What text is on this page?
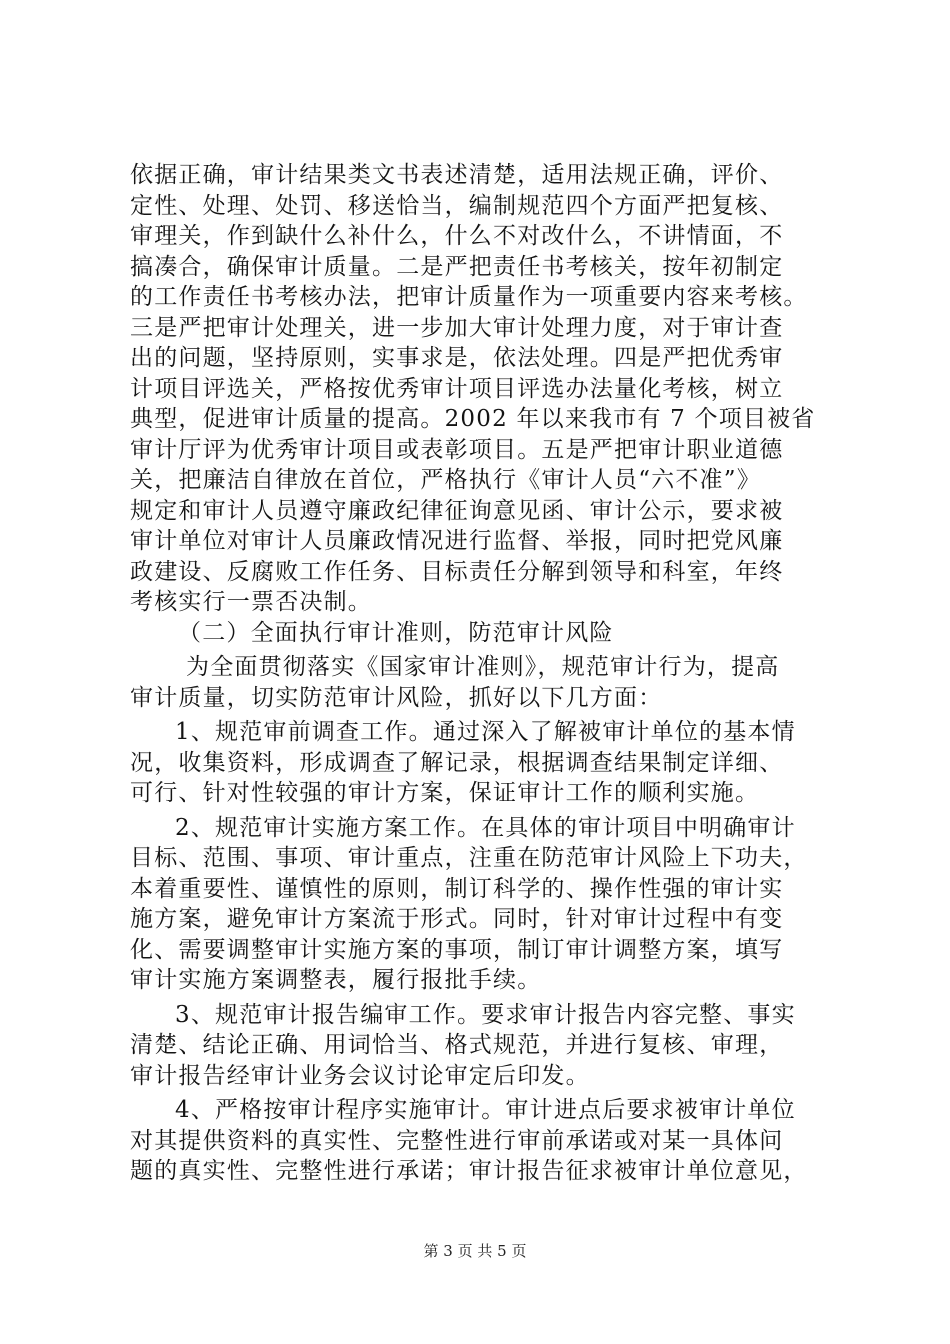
依据正确，审计结果类文书表述清楚，适用法规正确，评价、
定性、处理、处罚、移送恰当，编制规范四个方面严把复核、
审理关，作到缺什么补什么，什么不对改什么，不讲情面，不
搞凑合，确保审计质量。二是严把责任书考核关，按年初制定
的工作责任书考核办法，把审计质量作为一项重要内容来考核。
三是严把审计处理关，进一步加大审计处理力度，对于审计查
出的问题，坚持原则，实事求是，依法处理。四是严把优秀审
计项目评选关，严格按优秀审计项目评选办法量化考核，树立
典型，促进审计质量的提高。2002 年以来我市有 7 个项目被省
审计厅评为优秀审计项目或表彰项目。五是严把审计职业道德
关，把廉洁自律放在首位，严格执行《审计人员“六不准”》
规定和审计人员遵守廉政纪律征询意见函、审计公示，要求被
审计单位对审计人员廉政情况进行监督、举报，同时把党风廉
政建设、反腐败工作任务、目标责任分解到领导和科室，年终
考核实行一票否决制。
（二）全面执行审计准则，防范审计风险
为全面贯彻落实《国家审计准则》，规范审计行为，提高
审计质量，切实防范审计风险，抓好以下几方面：
1、规范审前调查工作。通过深入了解被审计单位的基本情
况，收集资料，形成调查了解记录，根据调查结果制定详细、
可行、针对性较强的审计方案，保证审计工作的顺利实施。
2、规范审计实施方案工作。在具体的审计项目中明确审计
目标、范围、事项、审计重点，注重在防范审计风险上下功夫，
本着重要性、谨慎性的原则，制订科学的、操作性强的审计实
施方案，避免审计方案流于形式。同时，针对审计过程中有变
化、需要调整审计实施方案的事项，制订审计调整方案，填写
审计实施方案调整表，履行报批手续。
3、规范审计报告编审工作。要求审计报告内容完整、事实
清楚、结论正确、用词恰当、格式规范，并进行复核、审理，
审计报告经审计业务会议讨论审定后印发。
4、严格按审计程序实施审计。审计进点后要求被审计单位
对其提供资料的真实性、完整性进行审前承诺或对某一具体问
题的真实性、完整性进行承诺；审计报告征求被审计单位意见，
第 3 页 共 5 页
